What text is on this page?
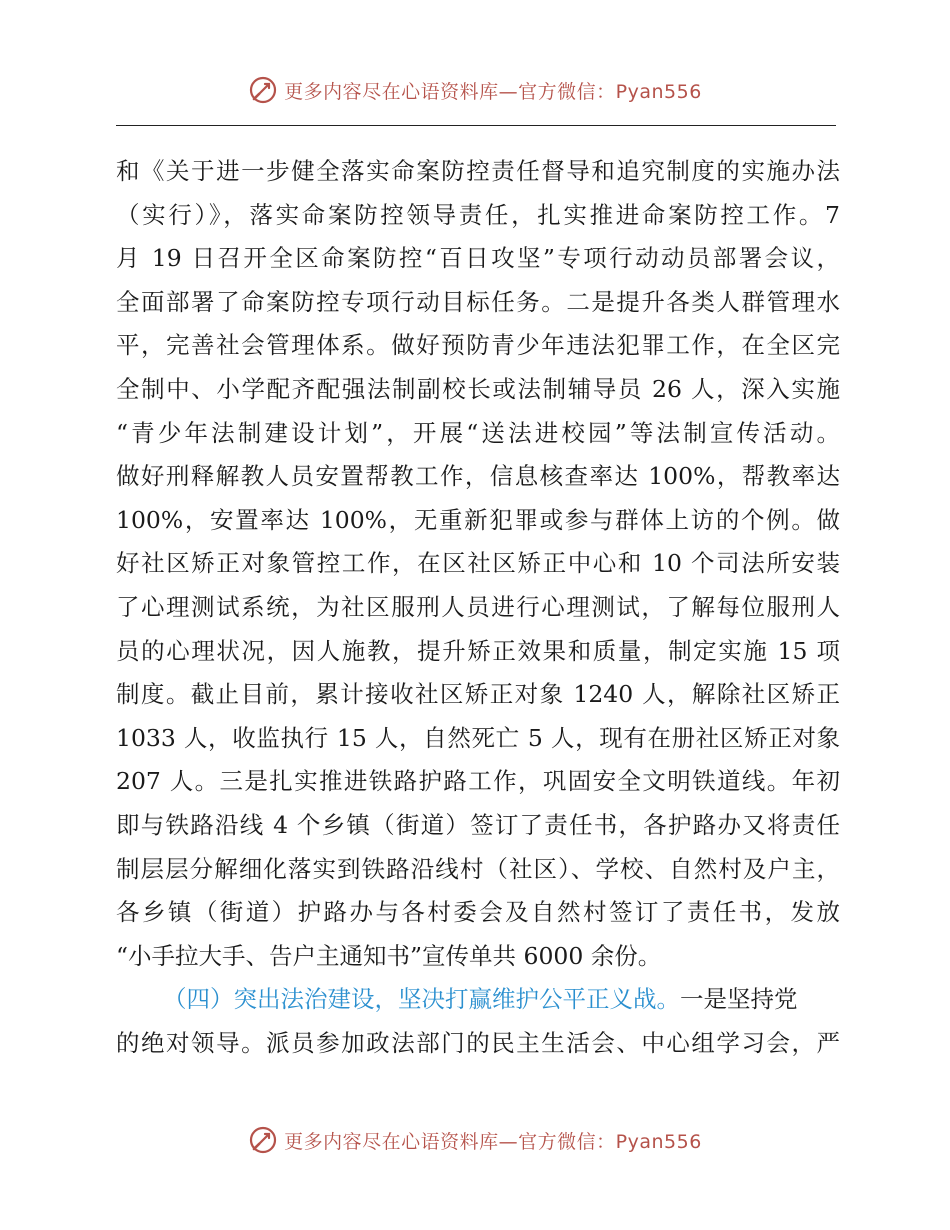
更多内容尽在心语资料库—官方微信：Pyan556
和《关于进一步健全落实命案防控责任督导和追究制度的实施办法
（实行）》，落实命案防控领导责任，扎实推进命案防控工作。7
月 19 日召开全区命案防控“百日攻坚”专项行动动员部署会议，
全面部署了命案防控专项行动目标任务。二是提升各类人群管理水
平，完善社会管理体系。做好预防青少年违法犯罪工作，在全区完
全制中、小学配齐配强法制副校长或法制辅导员 26 人，深入实施
“青少年法制建设计划”，开展“送法进校园”等法制宣传活动。
做好刑释解教人员安置帮教工作，信息核查率达 100%，帮教率达
100%，安置率达 100%，无重新犯罪或参与群体上访的个例。做
好社区矫正对象管控工作，在区社区矫正中心和 10 个司法所安装
了心理测试系统，为社区服刑人员进行心理测试，了解每位服刑人
员的心理状况，因人施教，提升矫正效果和质量，制定实施 15 项
制度。截止目前，累计接收社区矫正对象 1240 人，解除社区矫正
1033 人，收监执行 15 人，自然死亡 5 人，现有在册社区矫正对象
207 人。三是扎实推进铁路护路工作，巩固安全文明铁道线。年初
即与铁路沿线 4 个乡镇（街道）签订了责任书，各护路办又将责任
制层层分解细化落实到铁路沿线村（社区）、学校、自然村及户主，
各乡镇（街道）护路办与各村委会及自然村签订了责任书，发放
“小手拉大手、告户主通知书”宣传单共 6000 余份。
（四）突出法治建设，坚决打赢维护公平正义战。一是坚持党
的绝对领导。派员参加政法部门的民主生活会、中心组学习会，严
更多内容尽在心语资料库—官方微信：Pyan556
